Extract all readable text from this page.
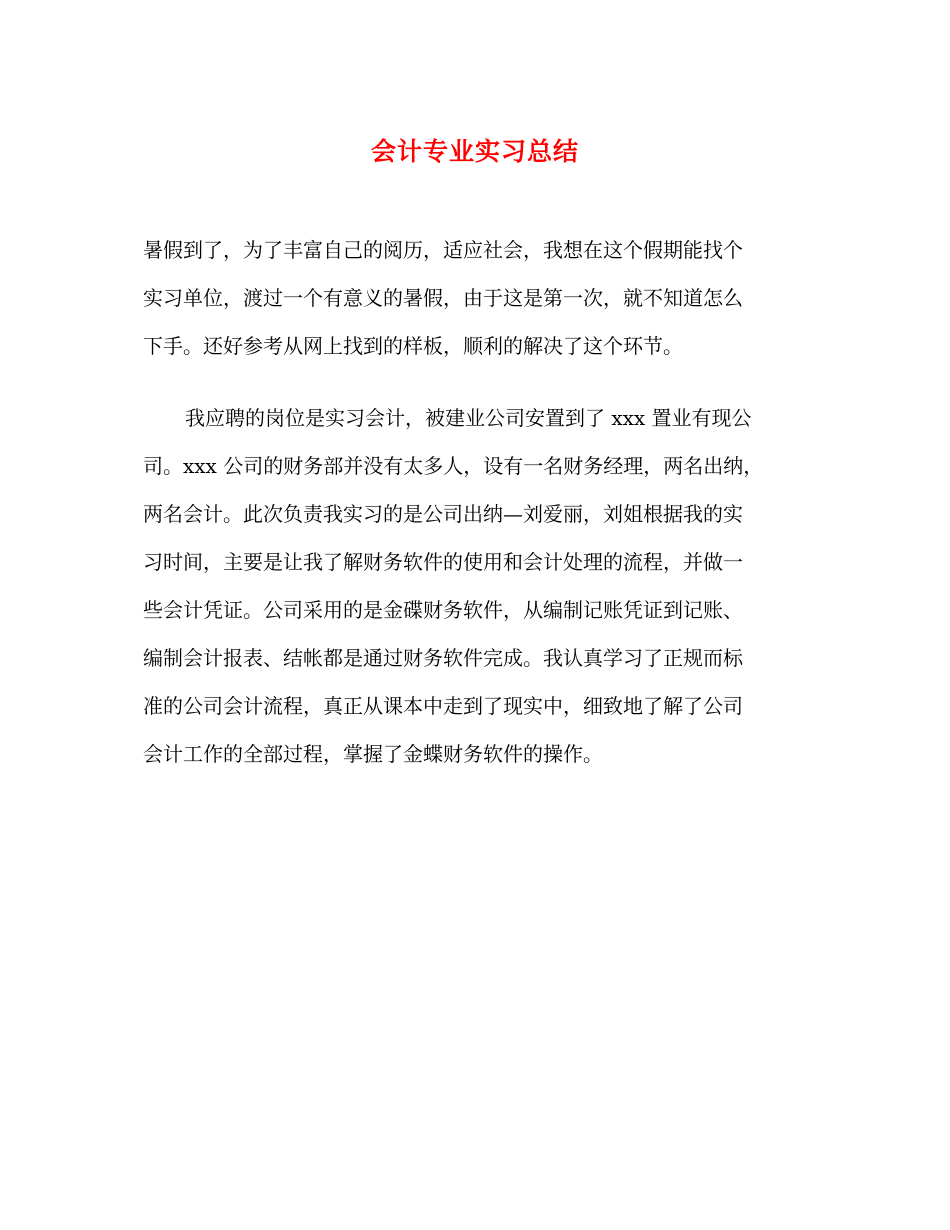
会计专业实习总结
暑假到了，为了丰富自己的阅历，适应社会，我想在这个假期能找个
实习单位，渡过一个有意义的暑假，由于这是第一次，就不知道怎么
下手。还好参考从网上找到的样板，顺利的解决了这个环节。
我应聘的岗位是实习会计，被建业公司安置到了 xxx 置业有现公
司。xxx 公司的财务部并没有太多人，设有一名财务经理，两名出纳，
两名会计。此次负责我实习的是公司出纳—刘爱丽，刘姐根据我的实
习时间，主要是让我了解财务软件的使用和会计处理的流程，并做一
些会计凭证。公司采用的是金碟财务软件，从编制记账凭证到记账、
编制会计报表、结帐都是通过财务软件完成。我认真学习了正规而标
准的公司会计流程，真正从课本中走到了现实中，细致地了解了公司
会计工作的全部过程，掌握了金蝶财务软件的操作。
